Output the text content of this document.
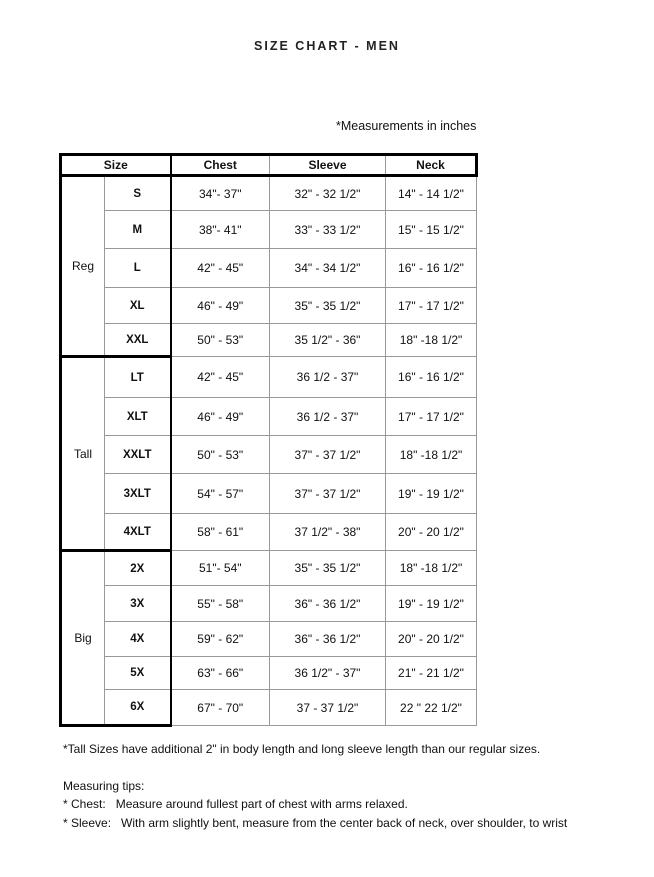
SIZE CHART - MEN
*Measurements in inches
Size		Chest	Sleeve	Neck
Reg	S	34"- 37"	32" - 32 1/2"	14" - 14 1/2"
	M	38"- 41"	33" - 33 1/2"	15" - 15 1/2"
	L	42" - 45"	34" - 34 1/2"	16" - 16 1/2"
	XL	46" - 49"	35" - 35 1/2"	17" - 17 1/2"
	XXL	50" - 53"	35 1/2" - 36"	18" -18 1/2"
Tall	LT	42" - 45"	36 1/2 - 37"	16" - 16 1/2"
	XLT	46" - 49"	36 1/2 - 37"	17" - 17 1/2"
	XXLT	50" - 53"	37" - 37 1/2"	18" -18 1/2"
	3XLT	54" - 57"	37" - 37 1/2"	19" - 19 1/2"
	4XLT	58" - 61"	37 1/2" - 38"	20" - 20 1/2"
Big	2X	51"- 54"	35" - 35 1/2"	18" -18 1/2"
	3X	55" - 58"	36" - 36 1/2"	19" - 19 1/2"
	4X	59" - 62"	36" - 36 1/2"	20" - 20 1/2"
	5X	63" - 66"	36 1/2" - 37"	21" - 21 1/2"
	6X	67" - 70"	37 - 37 1/2"	22 " 22 1/2"
*Tall Sizes have additional 2" in body length and long sleeve length than our regular sizes.
Measuring tips:
* Chest: Measure around fullest part of chest with arms relaxed.
* Sleeve: With arm slightly bent, measure from the center back of neck, over shoulder, to wrist
